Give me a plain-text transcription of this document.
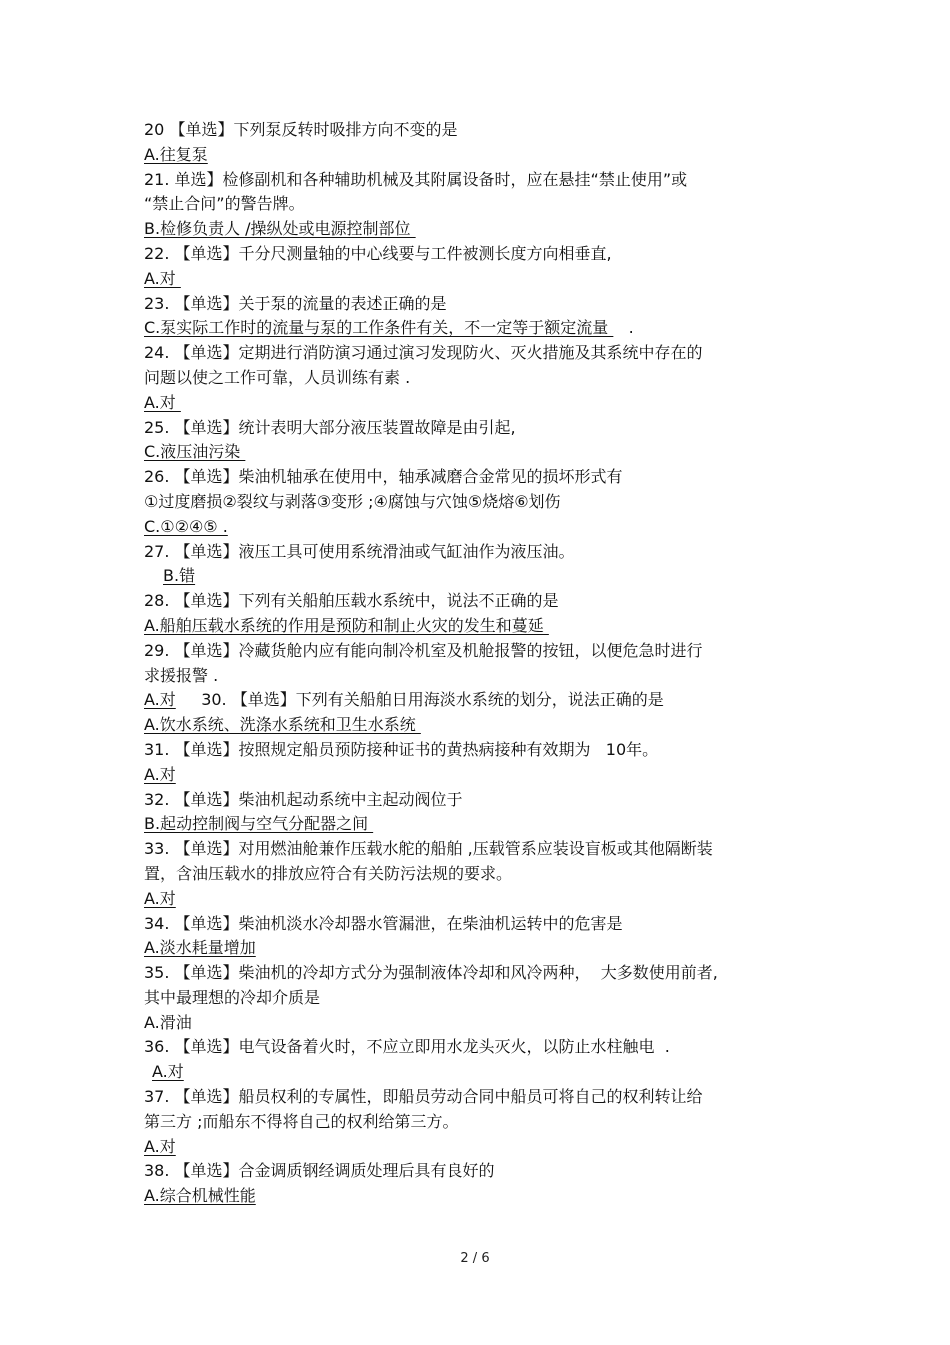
20 【单选】下列泵反转时吸排方向不变的是
A.往复泵
21. 单选】检修副机和各种辅助机械及其附属设备时，应在悬挂“禁止使用”或
“禁止合问”的警告牌。
B.检修负责人 /操纵处或电源控制部位
22. 【单选】千分尺测量轴的中心线要与工件被测长度方向相垂直,
A.对
23. 【单选】关于泵的流量的表述正确的是
C.泵实际工作时的流量与泵的工作条件有关，不一定等于额定流量    .
24. 【单选】定期进行消防演习通过演习发现防火、灭火措施及其系统中存在的
问题以使之工作可靠，人员训练有素 .
A.对
25. 【单选】统计表明大部分液压装置故障是由引起,
C.液压油污染
26. 【单选】柴油机轴承在使用中，轴承减磨合金常见的损坏形式有
①过度磨损②裂纹与剥落③变形 ;④腐蚀与穴蚀⑤烧熔⑥划伤
C.①②④⑤ .
27. 【单选】液压工具可使用系统滑油或气缸油作为液压油。
B.错
28. 【单选】下列有关船舶压载水系统中，说法不正确的是
A.船舶压载水系统的作用是预防和制止火灾的发生和蔓延
29. 【单选】冷藏货舱内应有能向制冷机室及机舱报警的按钮，以便危急时进行
求援报警 .
A.对     30. 【单选】下列有关船舶日用海淡水系统的划分，说法正确的是
A.饮水系统、洗涤水系统和卫生水系统
31. 【单选】按照规定船员预防接种证书的黄热病接种有效期为   10年。
A.对
32. 【单选】柴油机起动系统中主起动阀位于
B.起动控制阀与空气分配器之间
33. 【单选】对用燃油舱兼作压载水舵的船舶 ,压载管系应装设盲板或其他隔断装
置，含油压载水的排放应符合有关防污法规的要求。
A.对
34. 【单选】柴油机淡水冷却器水管漏泄，在柴油机运转中的危害是
A.淡水耗量增加
35. 【单选】柴油机的冷却方式分为强制液体冷却和风冷两种，  大多数使用前者,
其中最理想的冷却介质是
A.滑油
36. 【单选】电气设备着火时，不应立即用水龙头灭火，以防止水柱触电  .
A.对
37. 【单选】船员权利的专属性，即船员劳动合同中船员可将自己的权利转让给
第三方 ;而船东不得将自己的权利给第三方。
A.对
38. 【单选】合金调质钢经调质处理后具有良好的
A.综合机械性能
2 / 6
